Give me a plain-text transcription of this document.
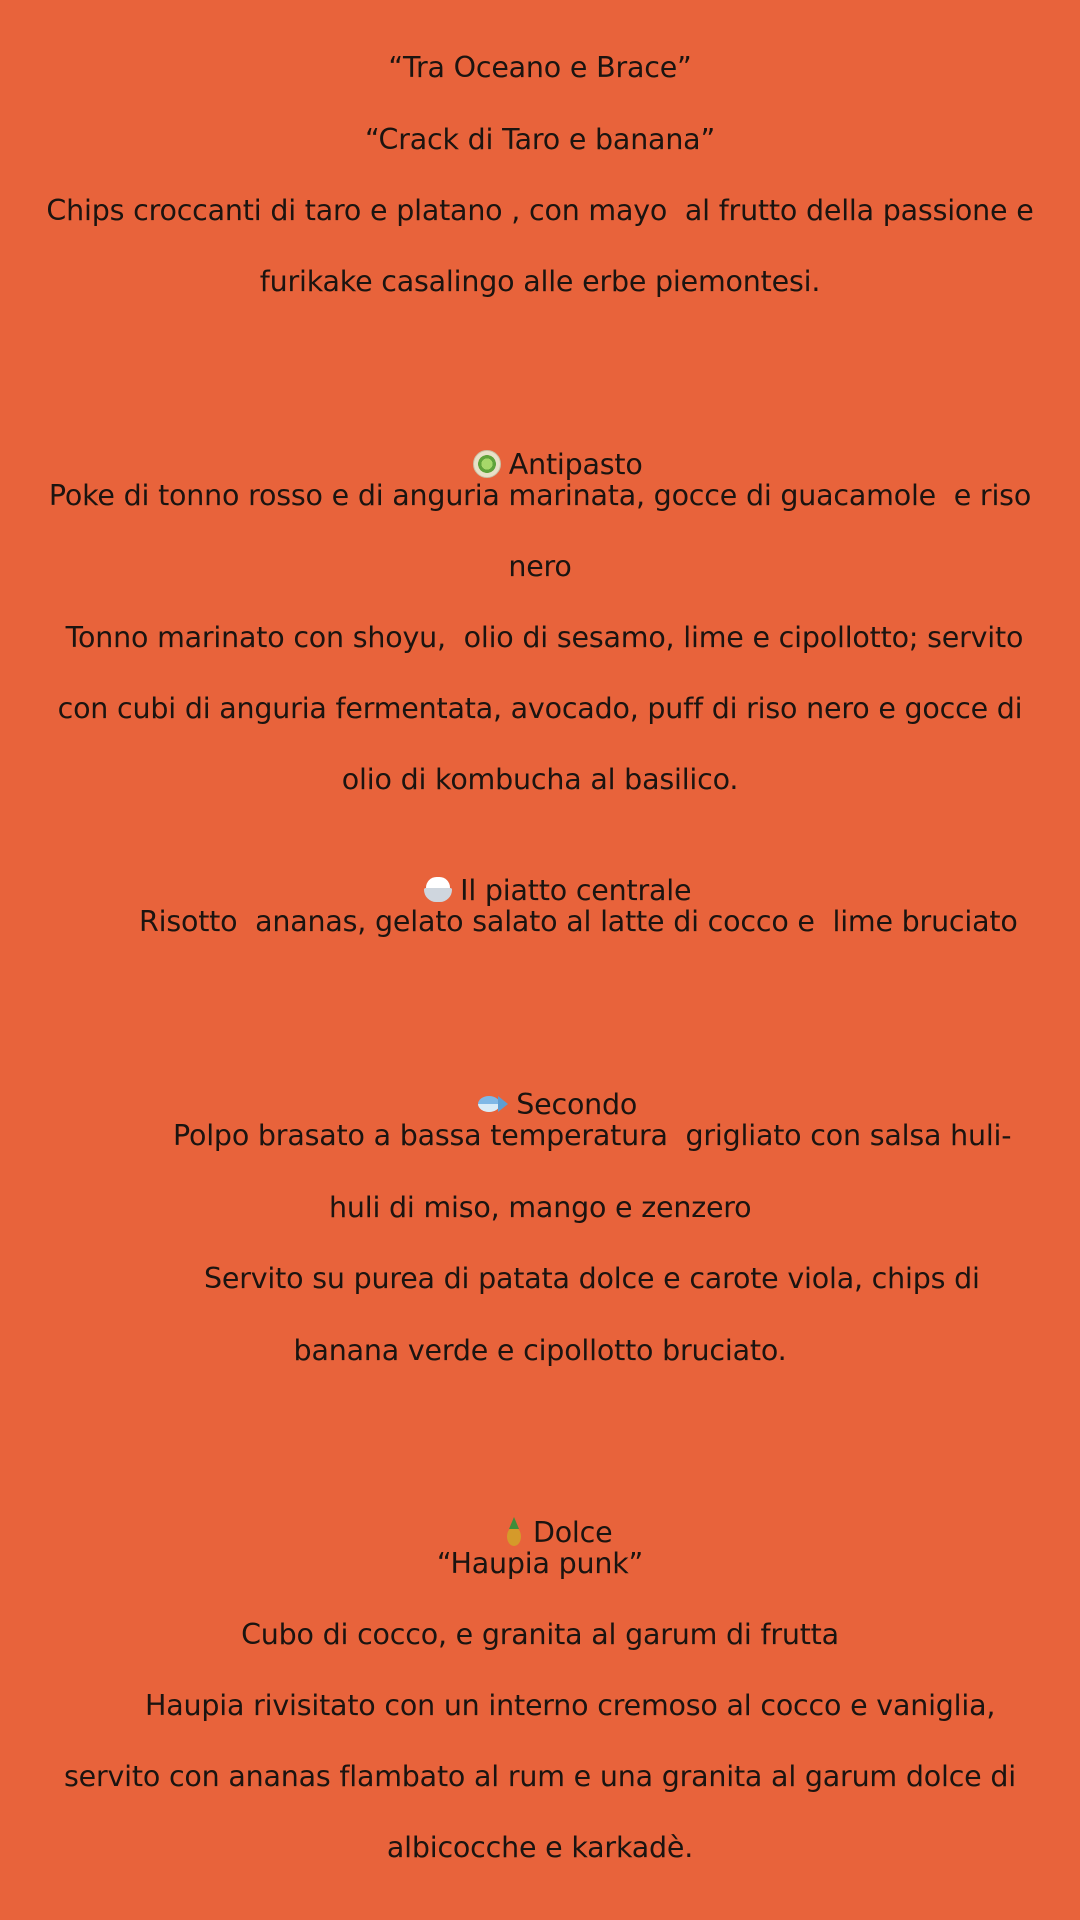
“Tra Oceano e Brace”
“Crack di Taro e banana”
Chips croccanti di taro e platano , con mayo  al frutto della passione e
furikake casalingo alle erbe piemontesi.

Antipasto

Poke di tonno rosso e di anguria marinata, gocce di guacamole  e riso
nero
Tonno marinato con shoyu,  olio di sesamo, lime e cipollotto; servito
con cubi di anguria fermentata, avocado, puff di riso nero e gocce di
olio di kombucha al basilico.

Il piatto centrale

Risotto  ananas, gelato salato al latte di cocco e  lime bruciato

Secondo

Polpo brasato a bassa temperatura  grigliato con salsa huli-
huli di miso, mango e zenzero
Servito su purea di patata dolce e carote viola, chips di
banana verde e cipollotto bruciato.

Dolce

“Haupia punk”
Cubo di cocco, e granita al garum di frutta
Haupia rivisitato con un interno cremoso al cocco e vaniglia,
servito con ananas flambato al rum e una granita al garum dolce di
albicocche e karkadè.
